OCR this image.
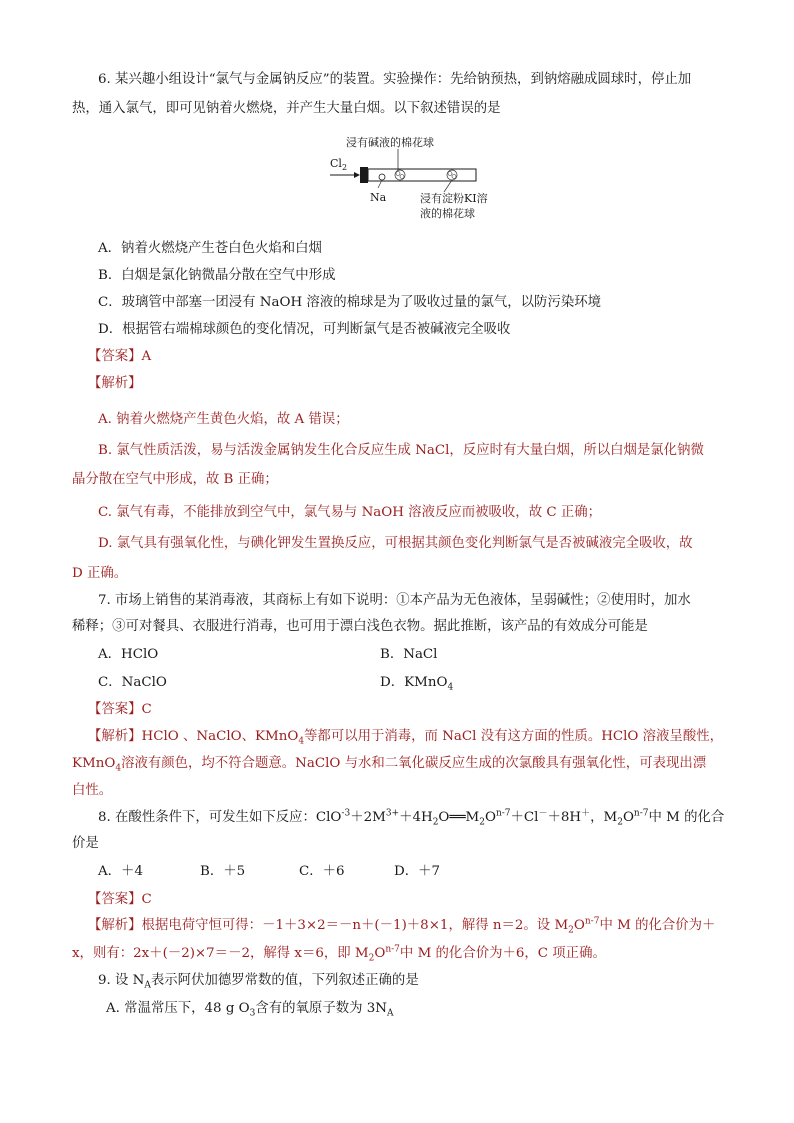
6. 某兴趣小组设计“氯气与金属钠反应”的装置。实验操作：先给钠预热，到钠熔融成圆球时，停止加
热，通入氯气，即可见钠着火燃烧，并产生大量白烟。以下叙述错误的是
浸有碱液的棉花球
$Cl_2$
Na	浸有淀粉KI溶
液的棉花球
A．钠着火燃烧产生苍白色火焰和白烟
B．白烟是氯化钠微晶分散在空气中形成
C．玻璃管中部塞一团浸有 NaOH 溶液的棉球是为了吸收过量的氯气，以防污染环境
D．根据管右端棉球颜色的变化情况，可判断氯气是否被碱液完全吸收
【答案】A
【解析】
A. 钠着火燃烧产生黄色火焰，故 A 错误；
B. 氯气性质活泼，易与活泼金属钠发生化合反应生成 NaCl，反应时有大量白烟，所以白烟是氯化钠微
晶分散在空气中形成，故 B 正确；
C. 氯气有毒，不能排放到空气中，氯气易与 NaOH 溶液反应而被吸收，故 C 正确；
D. 氯气具有强氧化性，与碘化钾发生置换反应，可根据其颜色变化判断氯气是否被碱液完全吸收，故
D 正确。
7. 市场上销售的某消毒液，其商标上有如下说明：①本产品为无色液体，呈弱碱性；②使用时，加水
稀释；③可对餐具、衣服进行消毒，也可用于漂白浅色衣物。据此推断，该产品的有效成分可能是
A．HClO	B．NaCl
C．NaClO	D．KMnO$_4$
【答案】C
【解析】HClO 、NaClO、KMnO$_4$等都可以用于消毒，而 NaCl 没有这方面的性质。HClO 溶液呈酸性，
KMnO$_4$溶液有颜色，均不符合题意。NaClO 与水和二氧化碳反应生成的次氯酸具有强氧化性，可表现出漂
白性。
8. 在酸性条件下，可发生如下反应：$ClO^{-3}+2M^{3+}+4H_2O══M_2O^{n-7}+Cl^-+8H^+$，$M_2O^{n-7}$中 M 的化合
价是
A．＋4	B．＋5	C．＋6	D．＋7
【答案】C
【解析】根据电荷守恒可得：－1＋3×2＝－n＋(－1)＋8×1，解得 n＝2。设 $M_2O^{n-7}$中 M 的化合价为＋
x，则有：2x＋(－2)×7＝－2，解得 x＝6，即 $M_2O^{n-7}$中 M 的化合价为＋6，C 项正确。
9. 设 $N_A$表示阿伏加德罗常数的值，下列叙述正确的是
A. 常温常压下，48 g $O_3$含有的氧原子数为 $3N_A$
